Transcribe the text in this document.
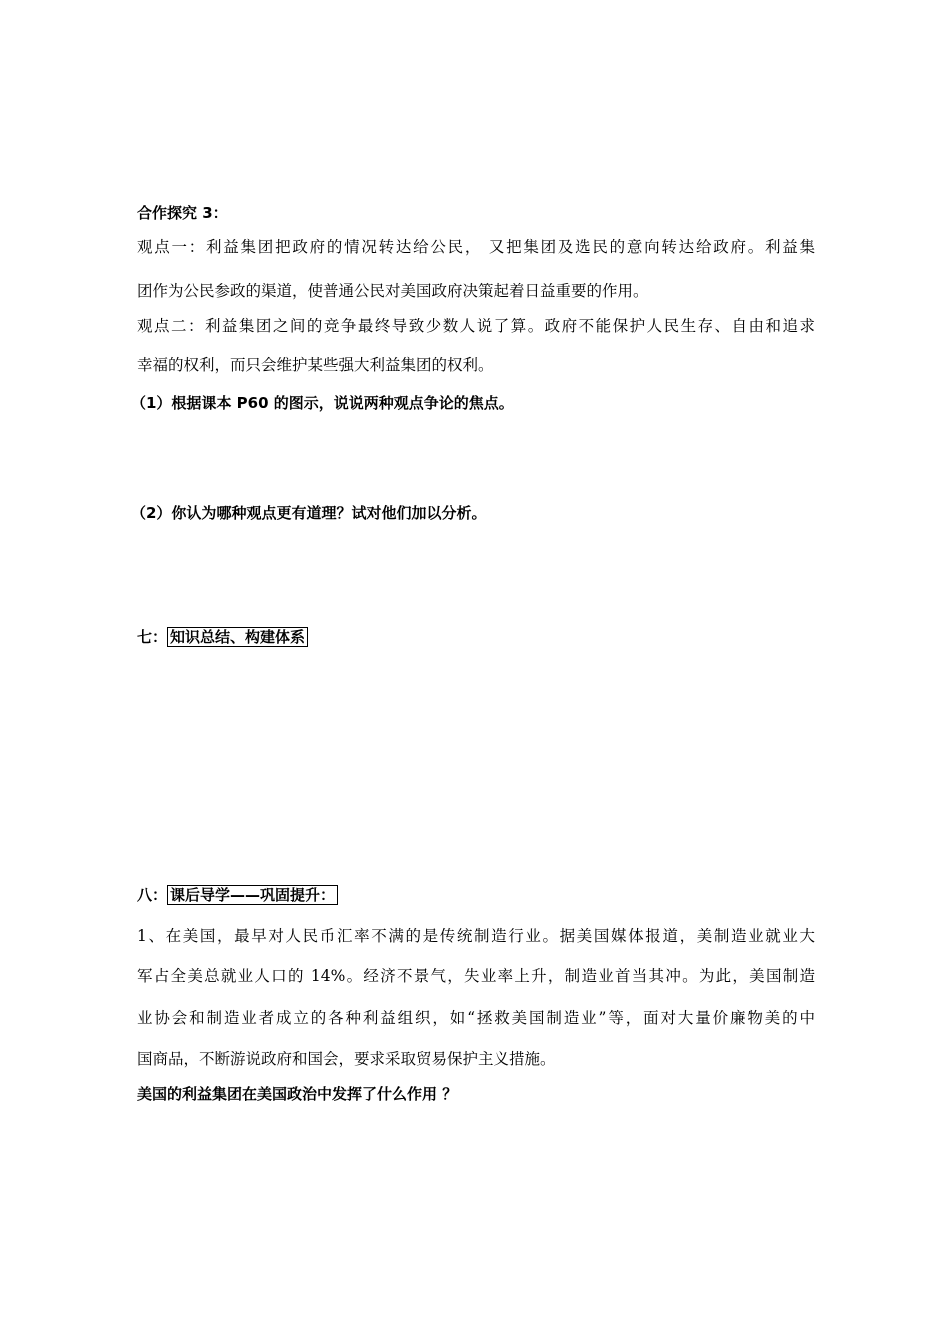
合作探究 3：
观点一：利益集团把政府的情况转达给公民， 又把集团及选民的意向转达给政府。利益集
团作为公民参政的渠道，使普通公民对美国政府决策起着日益重要的作用。
观点二：利益集团之间的竞争最终导致少数人说了算。政府不能保护人民生存、自由和追求
幸福的权利，而只会维护某些强大利益集团的权利。
（1）根据课本 P60 的图示，说说两种观点争论的焦点。
（2）你认为哪种观点更有道理？试对他们加以分析。
七： 知识总结、构建体系
八： 课后导学——巩固提升：
1、在美国，最早对人民币汇率不满的是传统制造行业。据美国媒体报道，美制造业就业大
军占全美总就业人口的 14%。经济不景气，失业率上升，制造业首当其冲。为此，美国制造
业协会和制造业者成立的各种利益组织，如“拯救美国制造业”等，面对大量价廉物美的中
国商品，不断游说政府和国会，要求采取贸易保护主义措施。
美国的利益集团在美国政治中发挥了什么作用 ？
